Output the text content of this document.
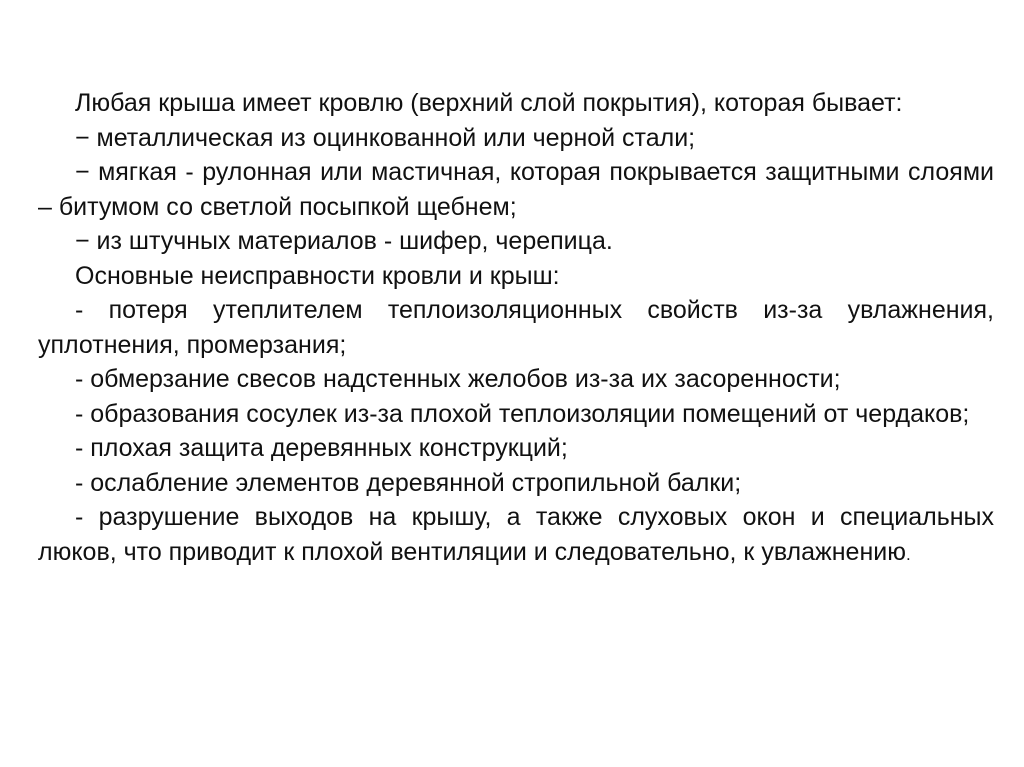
Любая крыша имеет кровлю (верхний слой покрытия), которая бывает:

− металлическая из оцинкованной или черной стали;

− мягкая - рулонная или мастичная, которая покрывается защитными слоями – битумом со светлой посыпкой щебнем;

− из штучных материалов - шифер, черепица.

Основные неисправности кровли и крыш:

- потеря утеплителем теплоизоляционных свойств из-за увлажнения, уплотнения, промерзания;

- обмерзание свесов надстенных желобов из-за их засоренности;

- образования сосулек из-за плохой теплоизоляции помещений от чердаков;

- плохая защита деревянных конструкций;

- ослабление элементов деревянной стропильной балки;

- разрушение выходов на крышу, а также слуховых окон и специальных люков, что приводит к плохой вентиляции и следовательно, к увлажнению.
